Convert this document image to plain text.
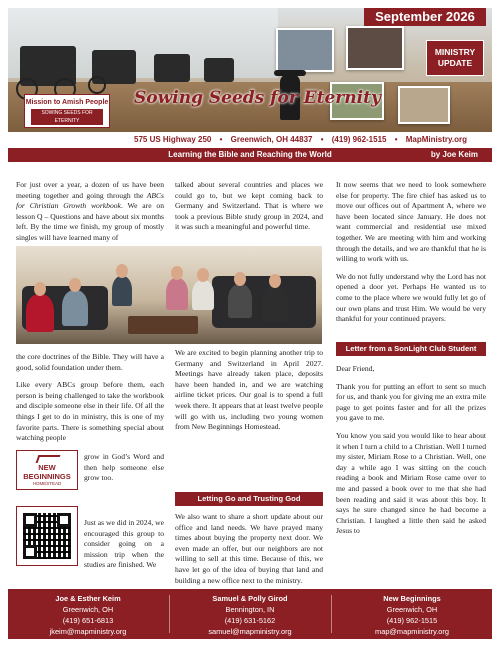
September 2026
MINISTRY
UPDATE
Sowing Seeds for Eternity
Mission to Amish People
SOWING SEEDS FOR ETERNITY
575 US Highway 250 • Greenwich, OH 44837 • (419) 962-1515 • MapMinistry.org
Learning the Bible and Reaching the World	by Joe Keim

For just over a year, a dozen of us have been meeting together and going through the ABCs for Christian Growth workbook. We are on lesson Q – Questions and have about six months left. By the time we finish, my group of mostly singles will have learned many of

the core doctrines of the Bible. They will have a good, solid foundation under them.

Like every ABCs group before them, each person is being challenged to take the workbook and disciple someone else in their life. Of all the things I get to do in ministry, this is one of my favorite parts. There is something special about watching people

NEW BEGINNINGS
HOMESTEAD

grow in God’s Word and then help someone else grow too.

Just as we did in 2024, we encouraged this group to consider going on a mission trip when the studies are finished. We

talked about several countries and places we could go to, but we kept coming back to Germany and Switzerland. That is where we took a previous Bible study group in 2024, and it was such a meaningful and powerful time.

We are excited to begin planning another trip to Germany and Switzerland in April 2027. Meetings have already taken place, deposits have been handed in, and we are watching airline ticket prices. Our goal is to spend a full week there. It appears that at least twelve people will go with us, including two young women from New Beginnings Homestead.

Letting Go and Trusting God

We also want to share a short update about our office and land needs. We have prayed many times about buying the property next door. We even made an offer, but our neighbors are not willing to sell at this time. Because of this, we have let go of the idea of buying that land and building a new office next to the ministry.

It now seems that we need to look somewhere else for property. The fire chief has asked us to move our offices out of Apartment A, where we have been located since January. He does not want commercial and residential use mixed together. We are meeting with him and working through the details, and we are thankful that he is willing to work with us.

We do not fully understand why the Lord has not opened a door yet. Perhaps He wanted us to come to the place where we would fully let go of our own plans and trust Him. We would be very thankful for your continued prayers.

Letter from a SonLight Club Student

Dear Friend,

Thank you for putting an effort to sent so much for us, and thank you for giving me an extra mile page to get points faster and for all the prizes you gave to me.

You know you said you would like to hear about it when I turn a child to a Christian. Well I turned my sister, Miriam Rose to a Christian. Well, one day a while ago I was sitting on the couch reading a book and Miriam Rose came over to me and passed a book over to me that she had been reading and said it was about this boy. It says he sure changed since he had become a Christian. I laughed a little then said he asked Jesus to

Joe & Esther Keim
Greenwich, OH
(419) 651-6813
jkeim@mapministry.org
Samuel & Polly Girod
Bennington, IN
(419) 631-5162
samuel@mapministry.org
New Beginnings
Greenwich, OH
(419) 962-1515
map@mapministry.org
